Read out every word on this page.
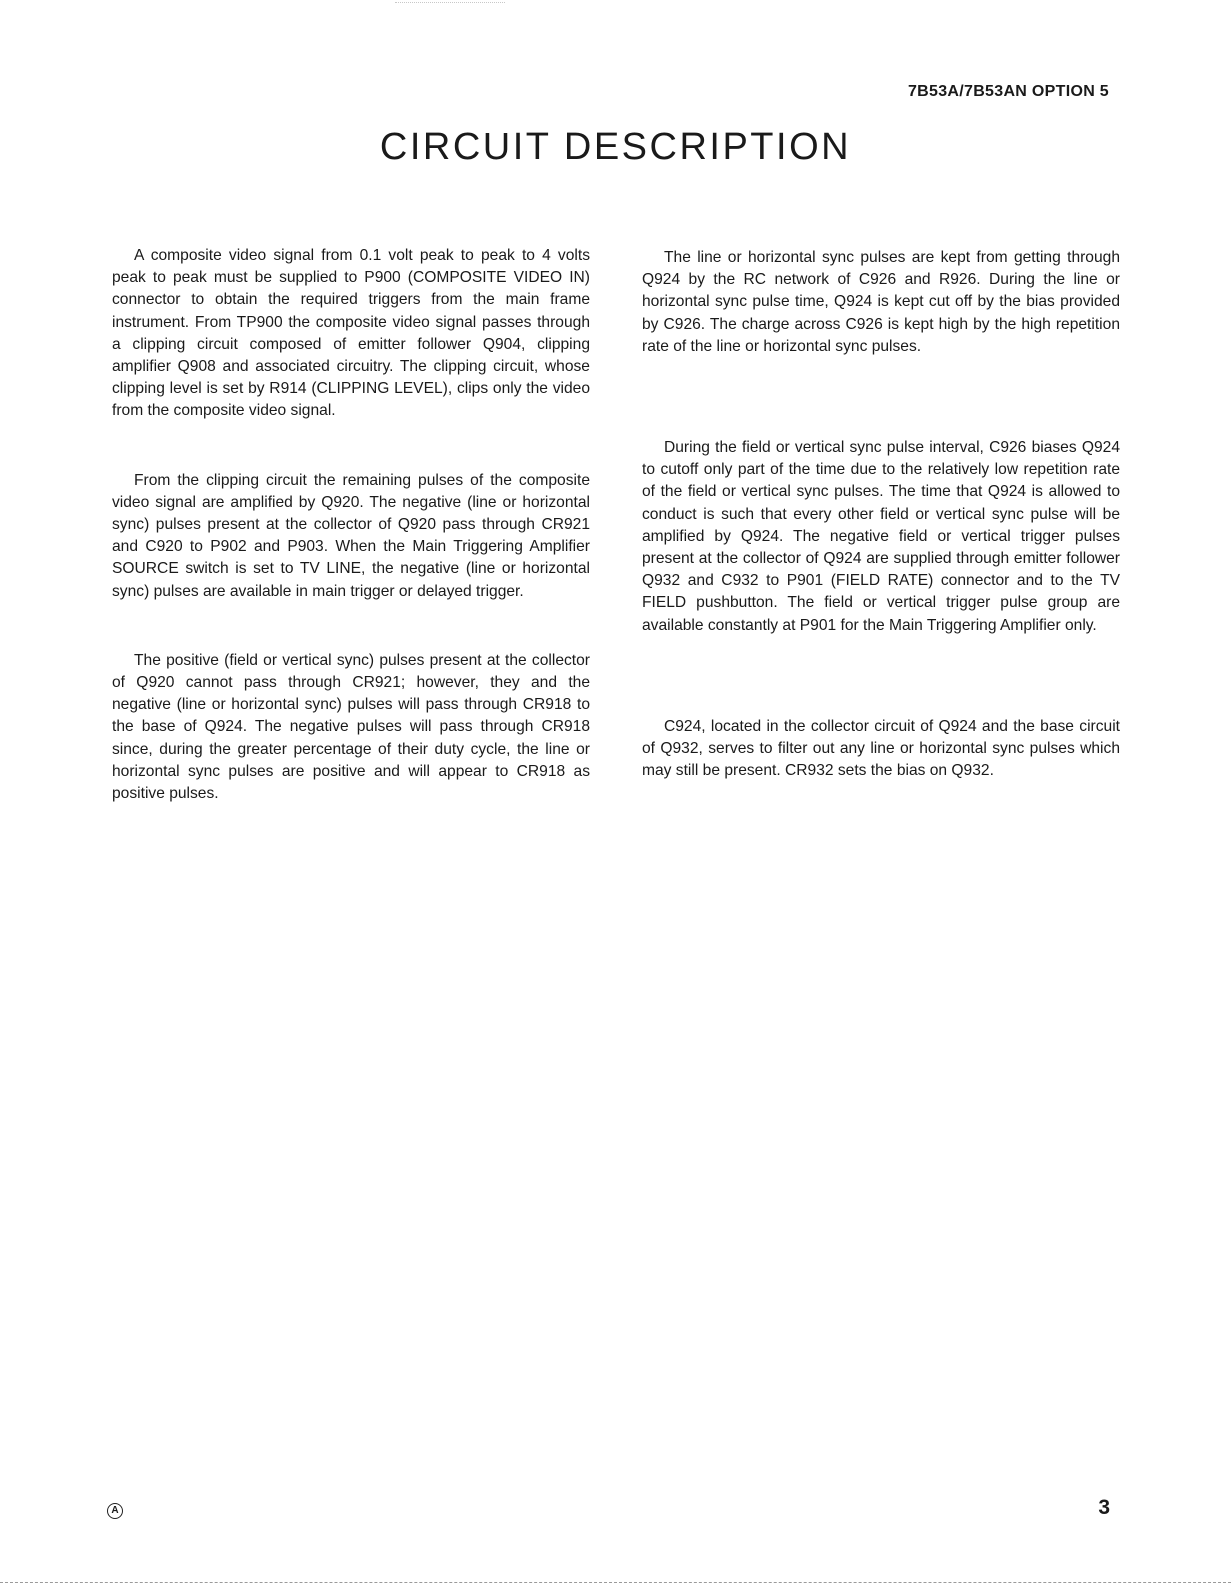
7B53A/7B53AN OPTION 5
CIRCUIT DESCRIPTION

A composite video signal from 0.1 volt peak to peak to 4 volts peak to peak must be supplied to P900 (COMPOSITE VIDEO IN) connector to obtain the required triggers from the main frame instrument. From TP900 the composite video signal passes through a clipping circuit composed of emitter follower Q904, clipping amplifier Q908 and associated circuitry. The clipping circuit, whose clipping level is set by R914 (CLIPPING LEVEL), clips only the video from the composite video signal.

From the clipping circuit the remaining pulses of the composite video signal are amplified by Q920. The negative (line or horizontal sync) pulses present at the collector of Q920 pass through CR921 and C920 to P902 and P903. When the Main Triggering Amplifier SOURCE switch is set to TV LINE, the negative (line or horizontal sync) pulses are available in main trigger or delayed trigger.

The positive (field or vertical sync) pulses present at the collector of Q920 cannot pass through CR921; however, they and the negative (line or horizontal sync) pulses will pass through CR918 to the base of Q924. The negative pulses will pass through CR918 since, during the greater percentage of their duty cycle, the line or horizontal sync pulses are positive and will appear to CR918 as positive pulses.

The line or horizontal sync pulses are kept from getting through Q924 by the RC network of C926 and R926. During the line or horizontal sync pulse time, Q924 is kept cut off by the bias provided by C926. The charge across C926 is kept high by the high repetition rate of the line or horizontal sync pulses.

During the field or vertical sync pulse interval, C926 biases Q924 to cutoff only part of the time due to the relatively low repetition rate of the field or vertical sync pulses. The time that Q924 is allowed to conduct is such that every other field or vertical sync pulse will be amplified by Q924. The negative field or vertical trigger pulses present at the collector of Q924 are supplied through emitter follower Q932 and C932 to P901 (FIELD RATE) connector and to the TV FIELD pushbutton. The field or vertical trigger pulse group are available constantly at P901 for the Main Triggering Amplifier only.

C924, located in the collector circuit of Q924 and the base circuit of Q932, serves to filter out any line or horizontal sync pulses which may still be present. CR932 sets the bias on Q932.

A	3
